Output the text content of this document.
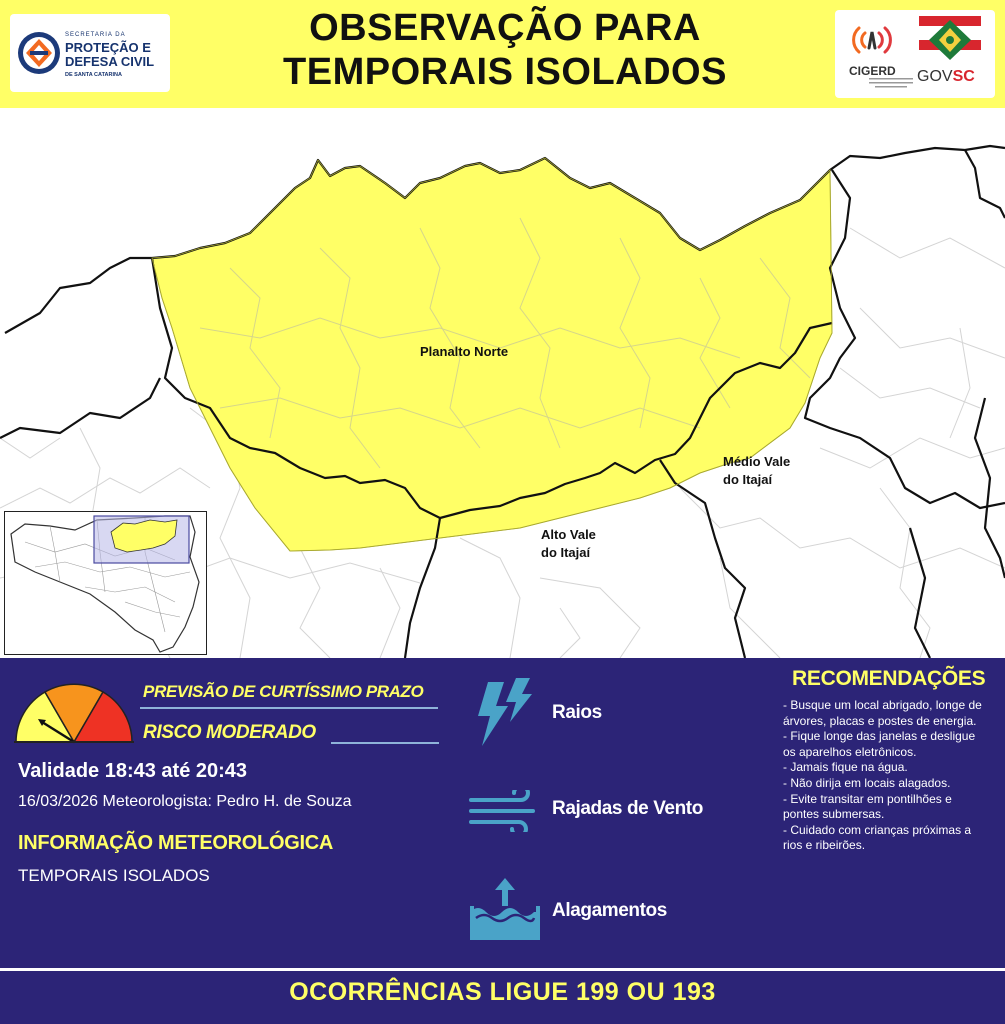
SECRETARIA DA
PROTEÇÃO E
DEFESA CIVIL
DE SANTA CATARINA
OBSERVAÇÃO PARA
TEMPORAIS ISOLADOS	CIGERD GOVSC
Planalto Norte
Médio Vale
do Itajaí
Alto Vale
do Itajaí
PREVISÃO DE CURTÍSSIMO PRAZO
RISCO MODERADO
Validade 18:43 até 20:43
16/03/2026 Meteorologista: Pedro H. de Souza
INFORMAÇÃO METEOROLÓGICA
TEMPORAIS ISOLADOS
Raios
Rajadas de Vento
Alagamentos
RECOMENDAÇÕES
- Busque um local abrigado, longe de árvores, placas e postes de energia.
- Fique longe das janelas e desligue os aparelhos eletrônicos.
- Jamais fique na água.
- Não dirija em locais alagados.
- Evite transitar em pontilhões e pontes submersas.
- Cuidado com crianças próximas a rios e ribeirões.
OCORRÊNCIAS LIGUE 199 OU 193
